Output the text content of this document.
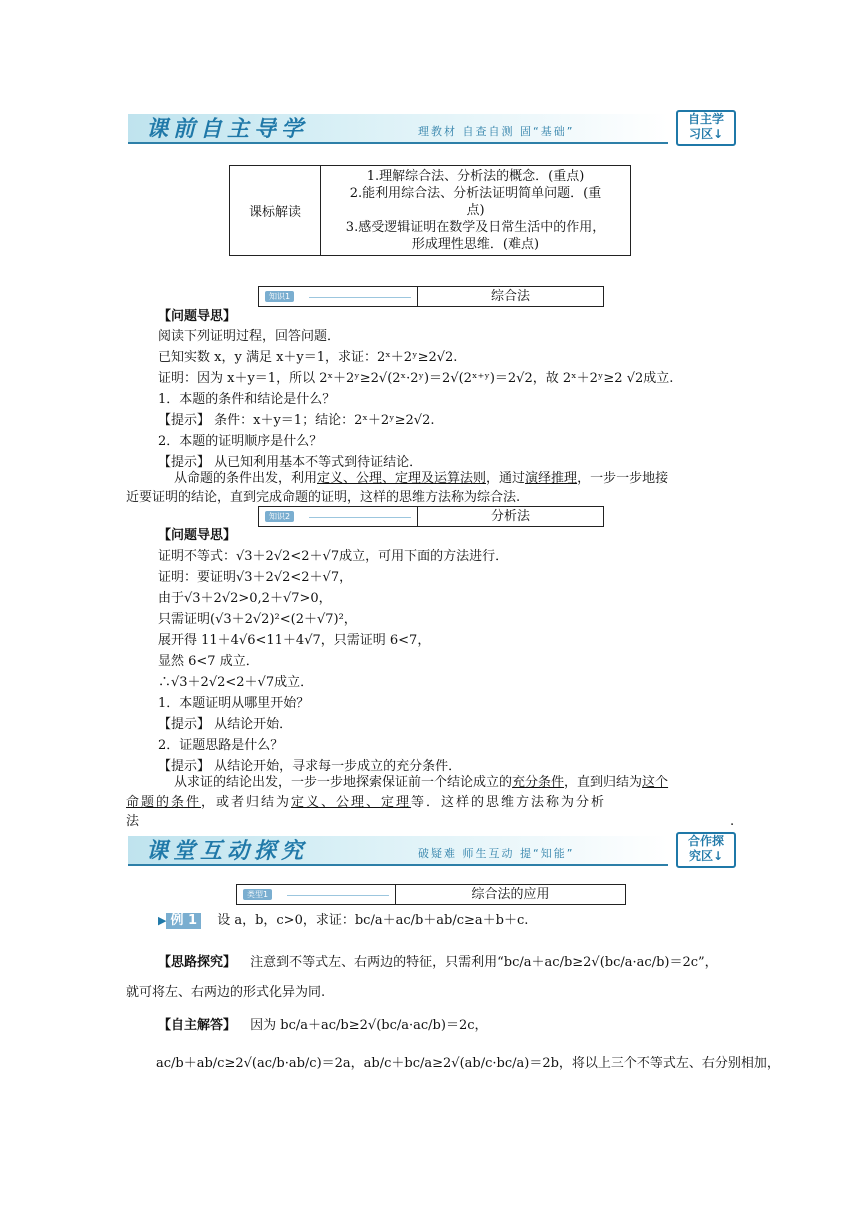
课前自主导学	理教材 自查自测 固“基础”
自主学
习区↓
课标解读	
1.理解综合法、分析法的概念．(重点)
2.能利用综合法、分析法证明简单问题．(重
点)
3.感受逻辑证明在数学及日常生活中的作用，
形成理性思维．(难点)
知识1	综合法
【问题导思】
阅读下列证明过程，回答问题．
已知实数 x，y 满足 x＋y＝1，求证：2ˣ＋2ʸ≥2√2.
证明：因为 x＋y＝1，所以 2ˣ＋2ʸ≥2√(2ˣ·2ʸ)＝2√(2ˣ⁺ʸ)＝2√2，故 2ˣ＋2ʸ≥2 √2成立.
1．本题的条件和结论是什么？
【提示】 条件：x＋y＝1；结论：2ˣ＋2ʸ≥2√2.
2．本题的证明顺序是什么？
【提示】 从已知利用基本不等式到待证结论．
从命题的条件出发，利用定义、公理、定理及运算法则，通过演绎推理，一步一步地接
近要证明的结论，直到完成命题的证明，这样的思维方法称为综合法.
知识2	分析法
【问题导思】
证明不等式：√3＋2√2<2＋√7成立，可用下面的方法进行．
证明：要证明√3＋2√2<2＋√7，
由于√3＋2√2>0,2＋√7>0，
只需证明(√3＋2√2)²<(2＋√7)²，
展开得 11＋4√6<11＋4√7，只需证明 6<7，
显然 6<7 成立．
∴√3＋2√2<2＋√7成立．
1．本题证明从哪里开始？
【提示】 从结论开始．
2．证题思路是什么？
【提示】 从结论开始，寻求每一步成立的充分条件．
从求证的结论出发，一步一步地探索保证前一个结论成立的充分条件，直到归结为这个
命题的条件，或者归结为定义、公理、定理等．这样的思维方法称为分析
法	.
课堂互动探究	破疑难 师生互动 提“知能”
合作探
究区↓
类型1	综合法的应用
▶ 例 1 设 a，b，c>0，求证：bc/a＋ac/b＋ab/c≥a＋b＋c.
【思路探究】 注意到不等式左、右两边的特征，只需利用“bc/a＋ac/b≥2√(bc/a·ac/b)＝2c”，
就可将左、右两边的形式化异为同.
【自主解答】 因为 bc/a＋ac/b≥2√(bc/a·ac/b)＝2c，
ac/b＋ab/c≥2√(ac/b·ab/c)＝2a，ab/c＋bc/a≥2√(ab/c·bc/a)＝2b，将以上三个不等式左、右分别相加，
